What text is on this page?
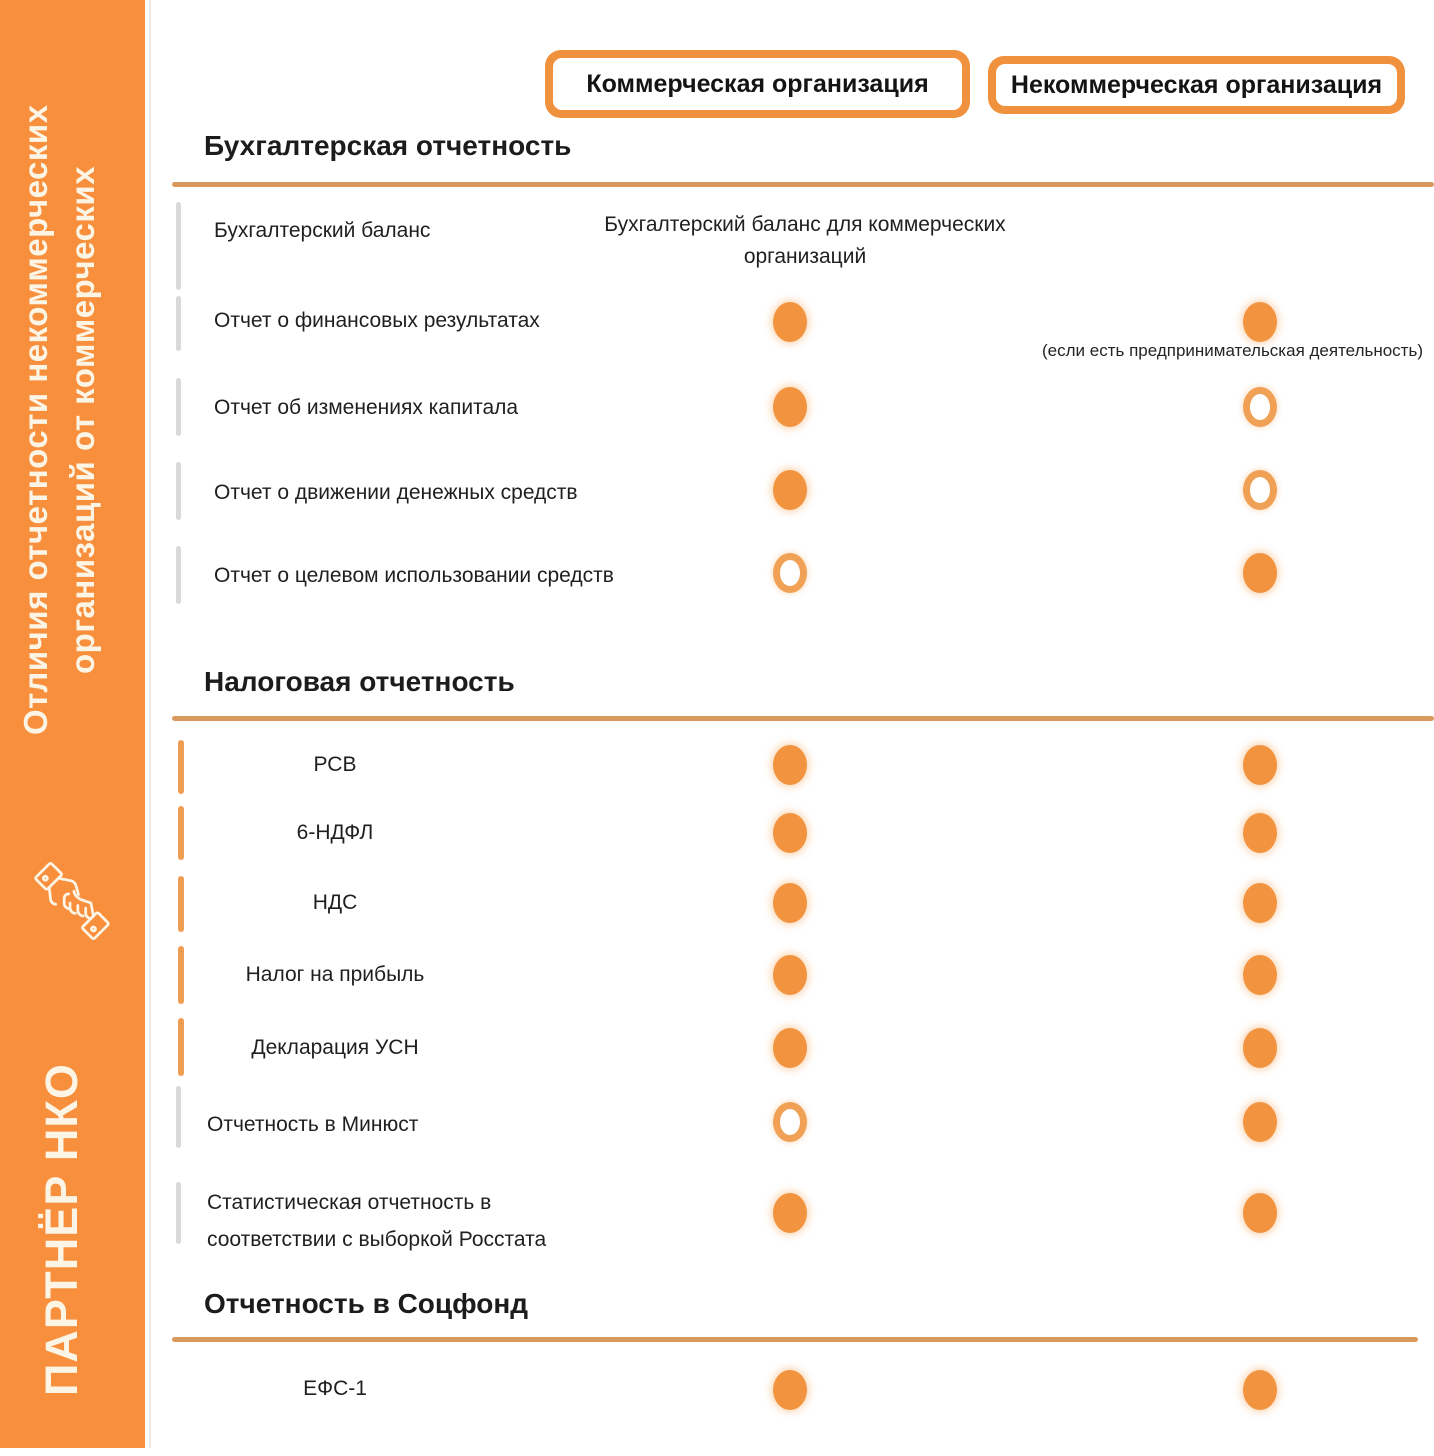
Отличия отчетности некоммерческих организаций от коммерческих
ПАРТНЁР НКО
Коммерческая организация	Некоммерческая организация
Бухгалтерская отчетность
Бухгалтерский баланс	Бухгалтерский баланс для коммерческих организаций
Отчет о финансовых результатах
(если есть предпринимательская деятельность)
Отчет об изменениях капитала
Отчет о движении денежных средств
Отчет о целевом использовании средств
Налоговая отчетность
РСВ
6-НДФЛ
НДС
Налог на прибыль
Декларация УСН
Отчетность в Минюст
Статистическая отчетность в соответствии с выборкой Росстата
Отчетность в Соцфонд
ЕФС-1
